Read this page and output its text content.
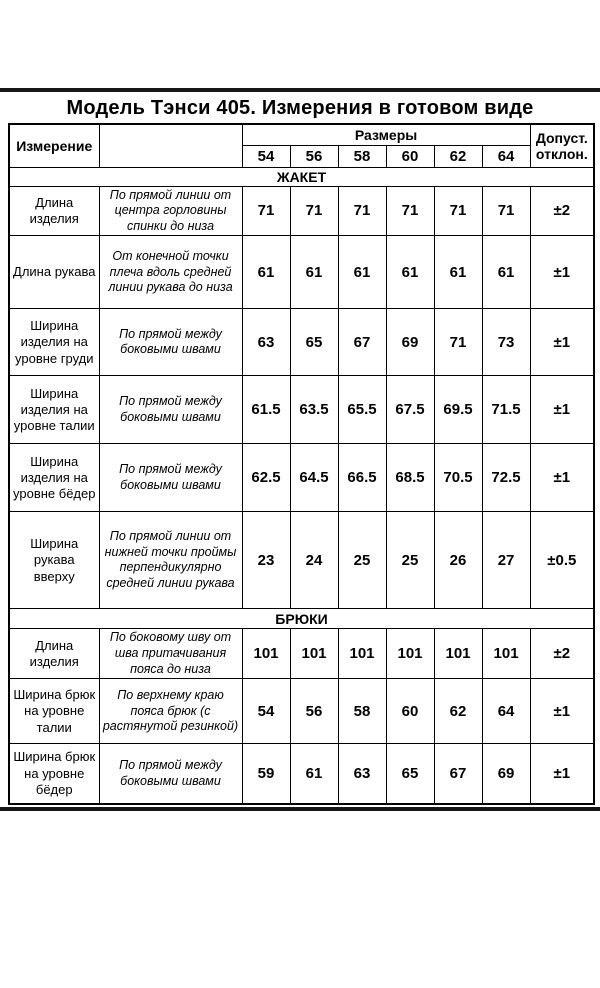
Модель Тэнси 405. Измерения в готовом виде
Измерение		Размеры						Допуст.
отклон.
		54	56	58	60	62	64	
ЖАКЕТ								
Длина изделия	По прямой линии от центра горловины спинки до низа	71	71	71	71	71	71	±2
Длина рукава	От конечной точки плеча вдоль средней линии рукава до низа	61	61	61	61	61	61	±1
Ширина изделия на уровне груди	По прямой между боковыми швами	63	65	67	69	71	73	±1
Ширина изделия на уровне талии	По прямой между боковыми швами	61.5	63.5	65.5	67.5	69.5	71.5	±1
Ширина изделия на уровне бёдер	По прямой между боковыми швами	62.5	64.5	66.5	68.5	70.5	72.5	±1
Ширина рукава вверху	По прямой линии от нижней точки проймы перпендикулярно средней линии рукава	23	24	25	25	26	27	±0.5
БРЮКИ								
Длина изделия	По боковому шву от шва притачивания пояса до низа	101	101	101	101	101	101	±2
Ширина брюк на уровне талии	По верхнему краю пояса брюк (с растянутой резинкой)	54	56	58	60	62	64	±1
Ширина брюк на уровне бёдер	По прямой между боковыми швами	59	61	63	65	67	69	±1
